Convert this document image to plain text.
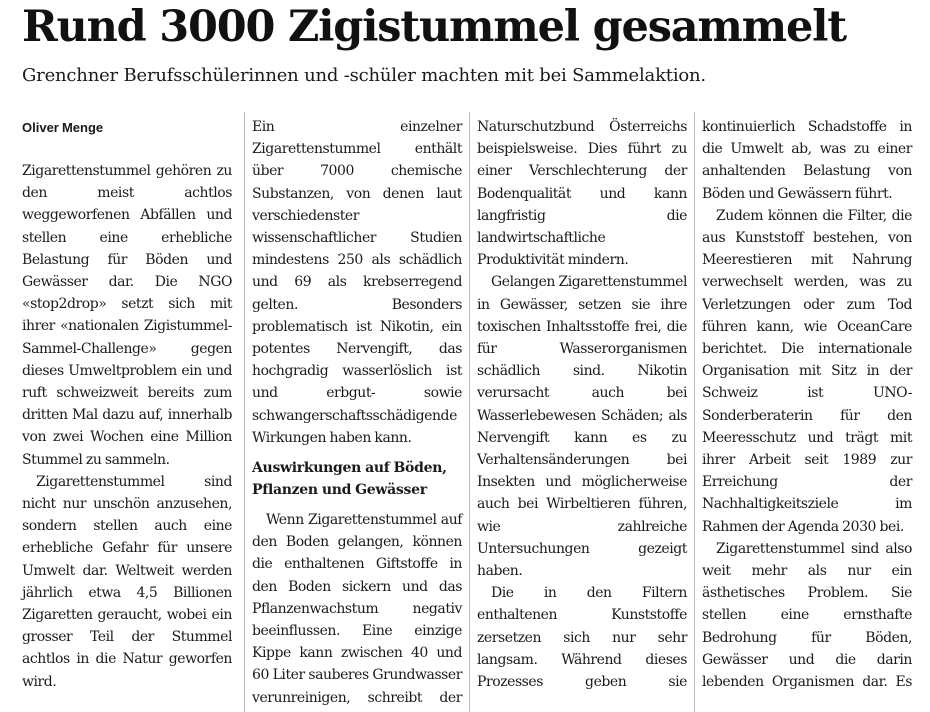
Rund 3000 Zigistummel gesammelt

Grenchner Berufsschülerinnen und -schüler machten mit bei Sammelaktion.

Oliver Menge

Zigarettenstummel gehören zu den meist achtlos weggeworfenen Abfällen und stellen eine erhebliche Belastung für Böden und Gewässer dar. Die NGO «stop2drop» setzt sich mit ihrer «nationalen Zigistummel-Sammel-Challenge» gegen dieses Umweltproblem ein und ruft schweizweit bereits zum dritten Mal dazu auf, innerhalb von zwei Wochen eine Million Stummel zu sammeln.

Zigarettenstummel sind nicht nur unschön anzusehen, sondern stellen auch eine erhebliche Gefahr für unsere Umwelt dar. Weltweit werden jährlich etwa 4,5 Billionen Zigaretten geraucht, wobei ein grosser Teil der Stummel achtlos in die Natur geworfen wird.

Ein einzelner Zigarettenstummel enthält über 7000 chemische Substanzen, von denen laut verschiedenster wissenschaftlicher Studien mindestens 250 als schädlich und 69 als krebserregend gelten. Besonders problematisch ist Nikotin, ein potentes Nervengift, das hochgradig wasserlöslich ist und erbgut- sowie schwangerschaftsschädigende Wirkungen haben kann.

Auswirkungen auf Böden, Pflanzen und Gewässer

Wenn Zigarettenstummel auf den Boden gelangen, können die enthaltenen Giftstoffe in den Boden sickern und das Pflanzenwachstum negativ beeinflussen. Eine einzige Kippe kann zwischen 40 und 60 Liter sauberes Grundwasser verunreinigen, schreibt der

Naturschutzbund Österreichs beispielsweise. Dies führt zu einer Verschlechterung der Bodenqualität und kann langfristig die landwirtschaftliche Produktivität mindern.

Gelangen Zigarettenstummel in Gewässer, setzen sie ihre toxischen Inhaltsstoffe frei, die für Wasserorganismen schädlich sind. Nikotin verursacht auch bei Wasserlebewesen Schäden; als Nervengift kann es zu Verhaltensänderungen bei Insekten und möglicherweise auch bei Wirbeltieren führen, wie zahlreiche Untersuchungen gezeigt haben.

Die in den Filtern enthaltenen Kunststoffe zersetzen sich nur sehr langsam. Während dieses Prozesses geben sie

kontinuierlich Schadstoffe in die Umwelt ab, was zu einer anhaltenden Belastung von Böden und Gewässern führt.

Zudem können die Filter, die aus Kunststoff bestehen, von Meerestieren mit Nahrung verwechselt werden, was zu Verletzungen oder zum Tod führen kann, wie OceanCare berichtet. Die internationale Organisation mit Sitz in der Schweiz ist UNO-Sonderberaterin für den Meeresschutz und trägt mit ihrer Arbeit seit 1989 zur Erreichung der Nachhaltigkeitsziele im Rahmen der Agenda 2030 bei.

Zigarettenstummel sind also weit mehr als nur ein ästhetisches Problem. Sie stellen eine ernsthafte Bedrohung für Böden, Gewässer und die darin lebenden Organismen dar. Es
